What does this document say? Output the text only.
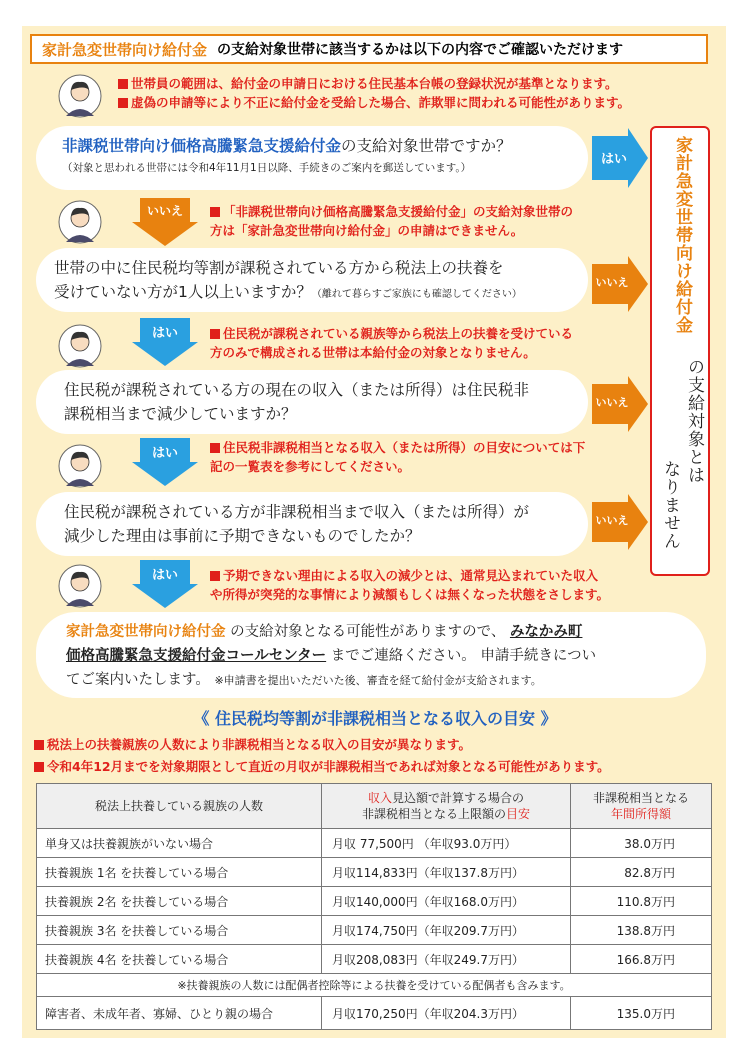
家計急変世帯向け給付金 の支給対象世帯に該当するかは以下の内容でご確認いただけます
世帯員の範囲は、給付金の申請日における住民基本台帳の登録状況が基準となります。
虚偽の申請等により不正に給付金を受給した場合、詐欺罪に問われる可能性があります。
非課税世帯向け価格高騰緊急支援給付金の支給対象世帯ですか？
（対象と思われる世帯には令和4年11月1日以降、手続きのご案内を郵送しています。）
はい
いいえ	「非課税世帯向け価格高騰緊急支援給付金」の支給対象世帯の
方は「家計急変世帯向け給付金」の申請はできません。
世帯の中に住民税均等割が課税されている方から税法上の扶養を
受けていない方が1人以上いますか？（離れて暮らすご家族にも確認してください）
いいえ
はい	住民税が課税されている親族等から税法上の扶養を受けている
方のみで構成される世帯は本給付金の対象となりません。
住民税が課税されている方の現在の収入（または所得）は住民税非
課税相当まで減少していますか？
いいえ
はい	住民税非課税相当となる収入（または所得）の目安については下
記の一覧表を参考にしてください。
住民税が課税されている方が非課税相当まで収入（または所得）が
減少した理由は事前に予期できないものでしたか？
いいえ
はい	予期できない理由による収入の減少とは、通常見込まれていた収入
や所得が突発的な事情により減額もしくは無くなった状態をさします。
家計急変世帯向け給付金 の支給対象となる可能性がありますので、 みなかみ町
価格高騰緊急支援給付金コールセンター までご連絡ください。 申請手続きについ
てご案内いたします。 ※申請書を提出いただいた後、審査を経て給付金が支給されます。
家計急変世帯向け給付金
の支給対象とは
なりません
《 住民税均等割が非課税相当となる収入の目安 》
税法上の扶養親族の人数により非課税相当となる収入の目安が異なります。
令和4年12月までを対象期限として直近の月収が非課税相当であれば対象となる可能性があります。
税法上扶養している親族の人数	収入見込額で計算する場合の
非課税相当となる上限額の目安	非課税相当となる
年間所得額
単身又は扶養親族がいない場合	月収 77,500円 （年収93.0万円）	38.0万円
扶養親族 1名 を扶養している場合	月収114,833円（年収137.8万円）	82.8万円
扶養親族 2名 を扶養している場合	月収140,000円（年収168.0万円）	110.8万円
扶養親族 3名 を扶養している場合	月収174,750円（年収209.7万円）	138.8万円
扶養親族 4名 を扶養している場合	月収208,083円（年収249.7万円）	166.8万円
※扶養親族の人数には配偶者控除等による扶養を受けている配偶者も含みます。		
障害者、未成年者、寡婦、ひとり親の場合	月収170,250円（年収204.3万円）	135.0万円
